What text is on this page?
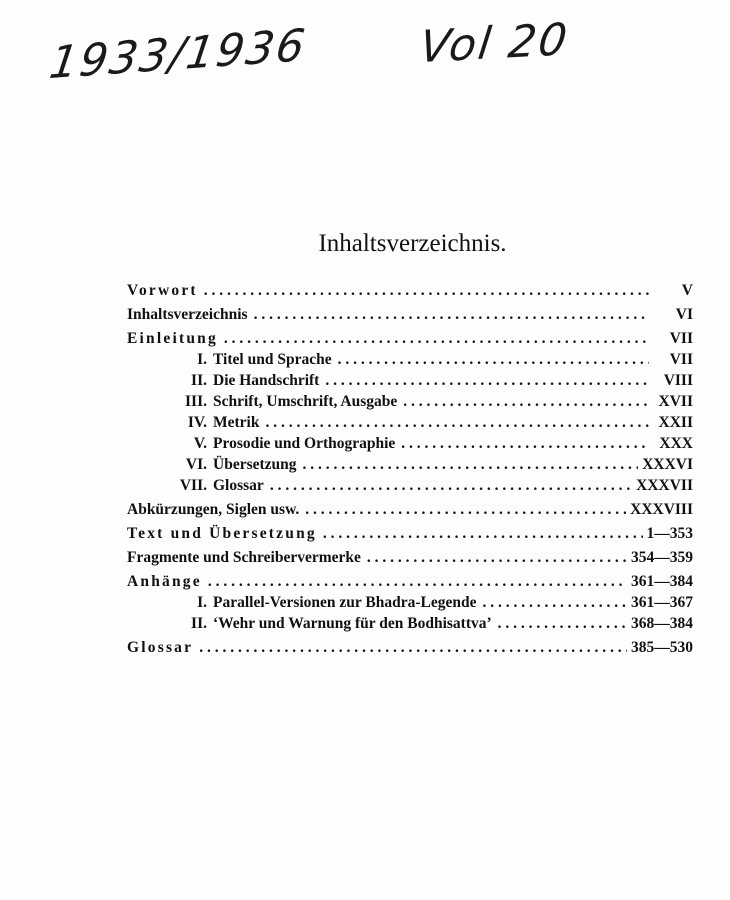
1933/1936 Vol 20
Inhaltsverzeichnis.
Vorwort . . .	V
Inhaltsverzeichnis . . .	VI
Einleitung . . .	VII
I. Titel und Sprache . . .	VII
II. Die Handschrift . . .	VIII
III. Schrift, Umschrift, Ausgabe . . .	XVII
IV. Metrik . . .	XXII
V. Prosodie und Orthographie . . .	XXX
VI. Übersetzung . . .	XXXVI
VII. Glossar . . .	XXXVII
Abkürzungen, Siglen usw. . . .	XXXVIII
Text und Übersetzung . . .	1—353
Fragmente und Schreibervermerke . . .	354—359
Anhänge . . .	361—384
I. Parallel-Versionen zur Bhadra-Legende . . .	361—367
II. ‘Wehr und Warnung für den Bodhisattva’ . . .	368—384
Glossar . . .	385—530
